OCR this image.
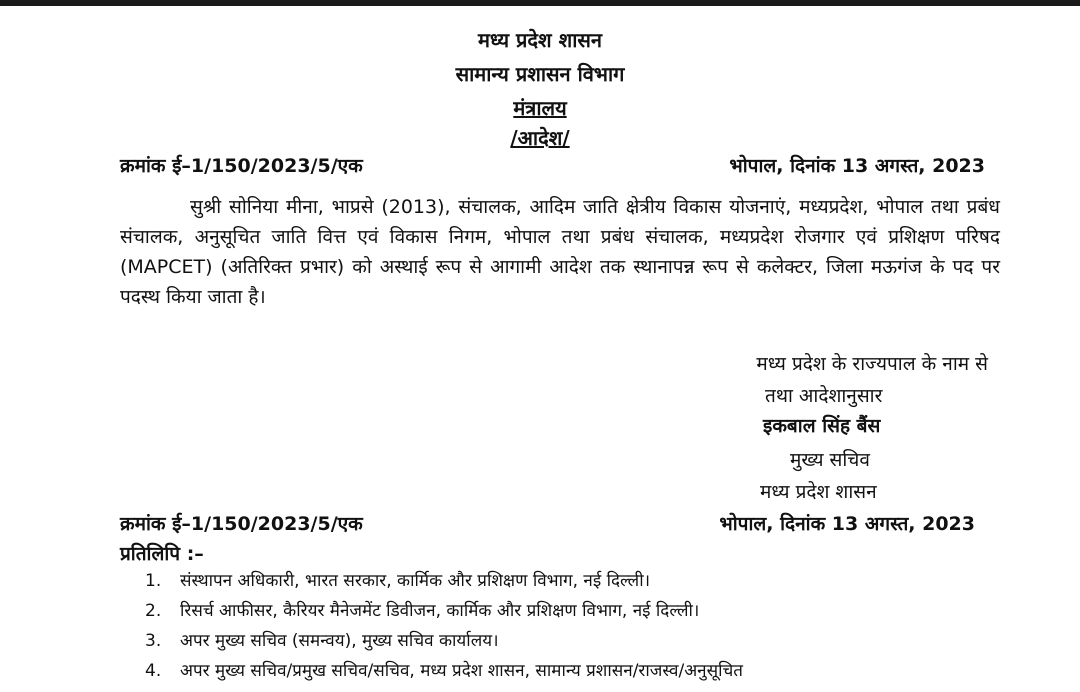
मध्य प्रदेश शासन
सामान्य प्रशासन विभाग
मंत्रालय
/आदेश/
क्रमांक ई–1/150/2023/5/एक	भोपाल, दिनांक 13 अगस्त, 2023
सुश्री सोनिया मीना, भाप्रसे (2013), संचालक, आदिम जाति क्षेत्रीय विकास योजनाएं, मध्यप्रदेश, भोपाल तथा प्रबंध संचालक, अनुसूचित जाति वित्त एवं विकास निगम, भोपाल तथा प्रबंध संचालक, मध्यप्रदेश रोजगार एवं प्रशिक्षण परिषद (MAPCET) (अतिरिक्त प्रभार) को अस्थाई रूप से आगामी आदेश तक स्थानापन्न रूप से कलेक्टर, जिला मऊगंज के पद पर पदस्थ किया जाता है।
मध्य प्रदेश के राज्यपाल के नाम से
तथा आदेशानुसार
इकबाल सिंह बैंस
मुख्य सचिव
मध्य प्रदेश शासन
क्रमांक ई–1/150/2023/5/एक	भोपाल, दिनांक 13 अगस्त, 2023
प्रतिलिपि :–
1. संस्थापन अधिकारी, भारत सरकार, कार्मिक और प्रशिक्षण विभाग, नई दिल्ली।
2. रिसर्च आफीसर, कैरियर मैनेजमेंट डिवीजन, कार्मिक और प्रशिक्षण विभाग, नई दिल्ली।
3. अपर मुख्य सचिव (समन्वय), मुख्य सचिव कार्यालय।
4. अपर मुख्य सचिव/प्रमुख सचिव/सचिव, मध्य प्रदेश शासन, सामान्य प्रशासन/राजस्व/अनुसूचित
